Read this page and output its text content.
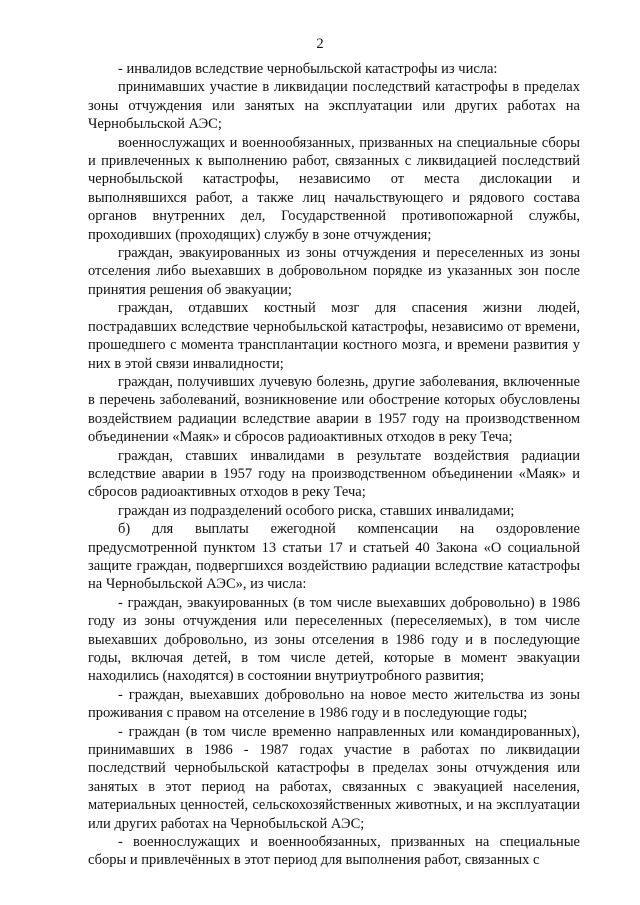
2

- инвалидов вследствие чернобыльской катастрофы из числа:

принимавших участие в ликвидации последствий катастрофы в пределах зоны отчуждения или занятых на эксплуатации или других работах на Чернобыльской АЭС;

военнослужащих и военнообязанных, призванных на специальные сборы и привлеченных к выполнению работ, связанных с ликвидацией последствий чернобыльской катастрофы, независимо от места дислокации и выполнявшихся работ, а также лиц начальствующего и рядового состава органов внутренних дел, Государственной противопожарной службы, проходивших (проходящих) службу в зоне отчуждения;

граждан, эвакуированных из зоны отчуждения и переселенных из зоны отселения либо выехавших в добровольном порядке из указанных зон после принятия решения об эвакуации;

граждан, отдавших костный мозг для спасения жизни людей, пострадавших вследствие чернобыльской катастрофы, независимо от времени, прошедшего с момента трансплантации костного мозга, и времени развития у них в этой связи инвалидности;

граждан, получивших лучевую болезнь, другие заболевания, включенные в перечень заболеваний, возникновение или обострение которых обусловлены воздействием радиации вследствие аварии в 1957 году на производственном объединении «Маяк» и сбросов радиоактивных отходов в реку Теча;

граждан, ставших инвалидами в результате воздействия радиации вследствие аварии в 1957 году на производственном объединении «Маяк» и сбросов радиоактивных отходов в реку Теча;

граждан из подразделений особого риска, ставших инвалидами;

б) для выплаты ежегодной компенсации на оздоровление предусмотренной пунктом 13 статьи 17 и статьей 40 Закона «О социальной защите граждан, подвергшихся воздействию радиации вследствие катастрофы на Чернобыльской АЭС», из числа:

- граждан, эвакуированных (в том числе выехавших добровольно) в 1986 году из зоны отчуждения или переселенных (переселяемых), в том числе выехавших добровольно, из зоны отселения в 1986 году и в последующие годы, включая детей, в том числе детей, которые в момент эвакуации находились (находятся) в состоянии внутриутробного развития;

- граждан, выехавших добровольно на новое место жительства из зоны проживания с правом на отселение в 1986 году и в последующие годы;

- граждан (в том числе временно направленных или командированных), принимавших в 1986 - 1987 годах участие в работах по ликвидации последствий чернобыльской катастрофы в пределах зоны отчуждения или занятых в этот период на работах, связанных с эвакуацией населения, материальных ценностей, сельскохозяйственных животных, и на эксплуатации или других работах на Чернобыльской АЭС;

- военнослужащих и военнообязанных, призванных на специальные сборы и привлечённых в этот период для выполнения работ, связанных с
